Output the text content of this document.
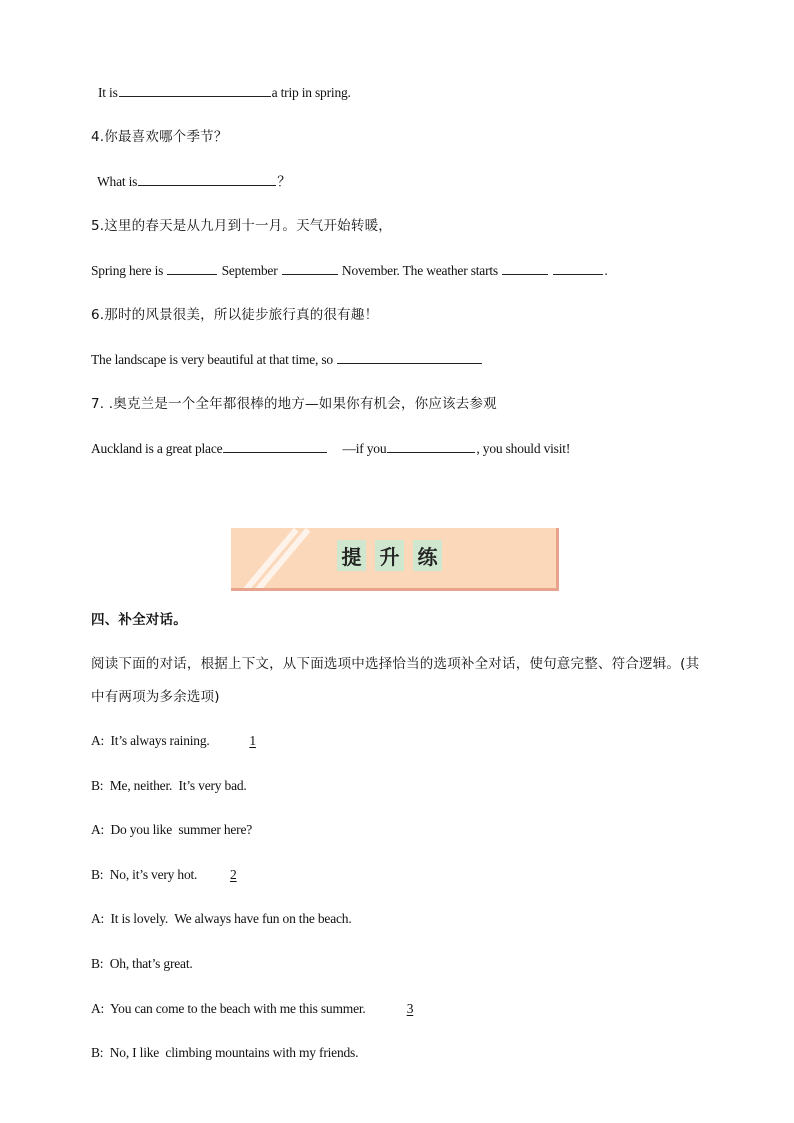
It is	a trip in spring.
4.你最喜欢哪个季节？
What is	？
5.这里的春天是从九月到十一月。天气开始转暖，
Spring here is	September	November. The weather starts	.
6.那时的风景很美，所以徒步旅行真的很有趣！
The landscape is very beautiful at that time, so
7. .奥克兰是一个全年都很棒的地方—如果你有机会，你应该去参观
Auckland is a great place	—if you	, you should visit!
提 升 练
四、补全对话。
阅读下面的对话，根据上下文，从下面选项中选择恰当的选项补全对话，使句意完整、符合逻辑。(其
中有两项为多余选项)
A: It’s always raining.	1
B: Me, neither.  It’s very bad.
A: Do you like  summer here?
B: No, it’s very hot. 2
A: It is lovely.  We always have fun on the beach.
B: Oh, that’s great.
A: You can come to the beach with me this summer.	3
B: No, I like  climbing mountains with my friends.
